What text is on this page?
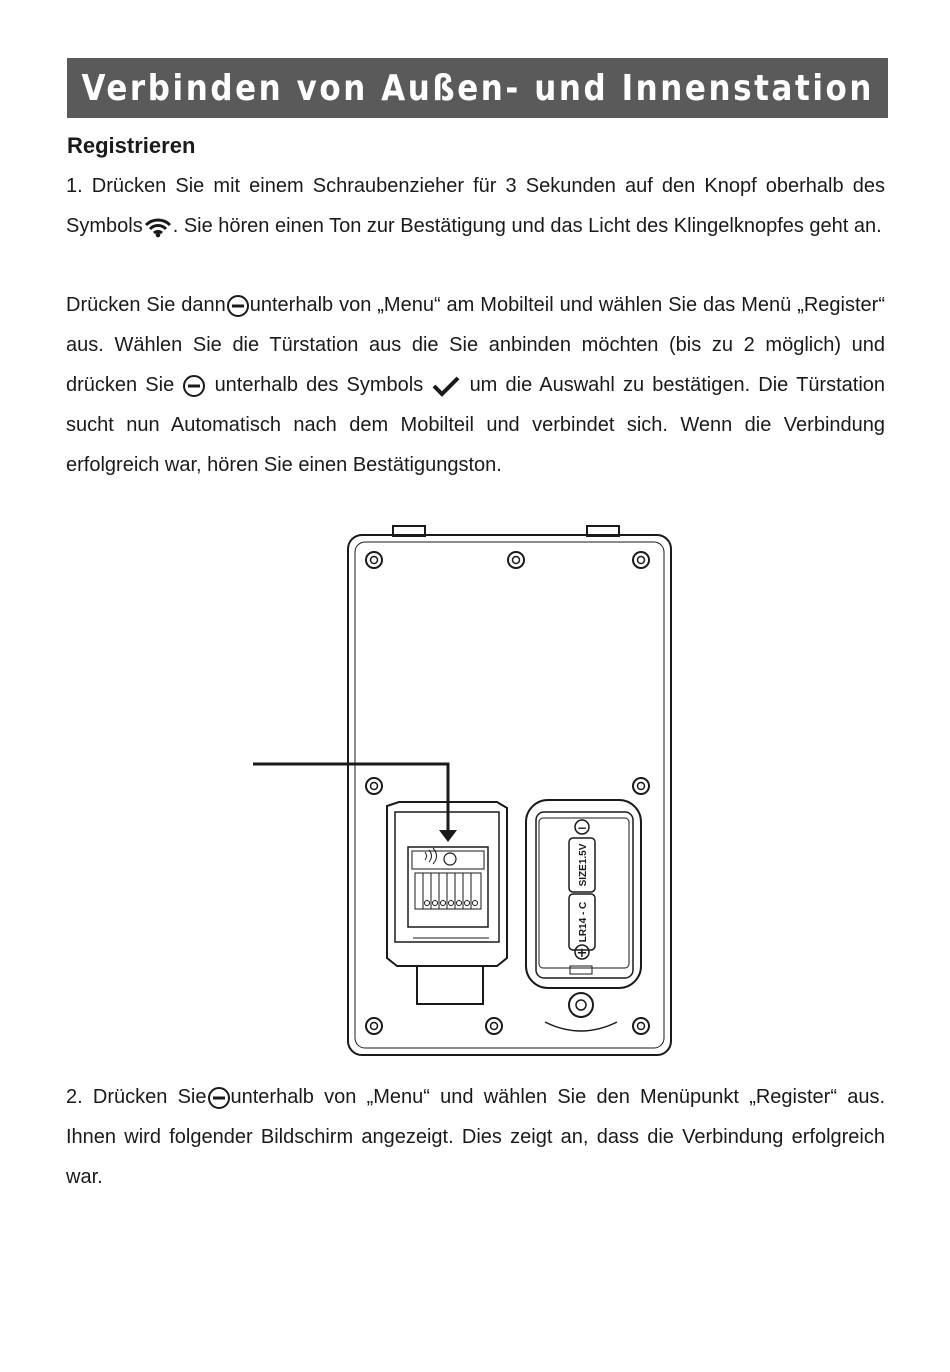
Verbinden von Außen- und Innenstation
Registrieren
1. Drücken Sie mit einem Schraubenzieher für 3 Sekunden auf den Knopf oberhalb des Symbols . Sie hören einen Ton zur Bestätigung und das Licht des Klingelknopfes geht an.
Drücken Sie dann unterhalb von „Menu“ am Mobilteil und wählen Sie das Menü „Register“ aus. Wählen Sie die Türstation aus die Sie anbinden möchten (bis zu 2 möglich) und drücken Sie unterhalb des Symbols um die Auswahl zu bestätigen. Die Türstation sucht nun Automatisch nach dem Mobilteil und verbindet sich. Wenn die Verbindung erfolgreich war, hören Sie einen Bestätigungston.
−
+
SIZE1.5V
LR14 - C
2. Drücken Sie unterhalb von „Menu“ und wählen Sie den Menüpunkt „Register“ aus. Ihnen wird folgender Bildschirm angezeigt. Dies zeigt an, dass die Verbindung erfolgreich war.
